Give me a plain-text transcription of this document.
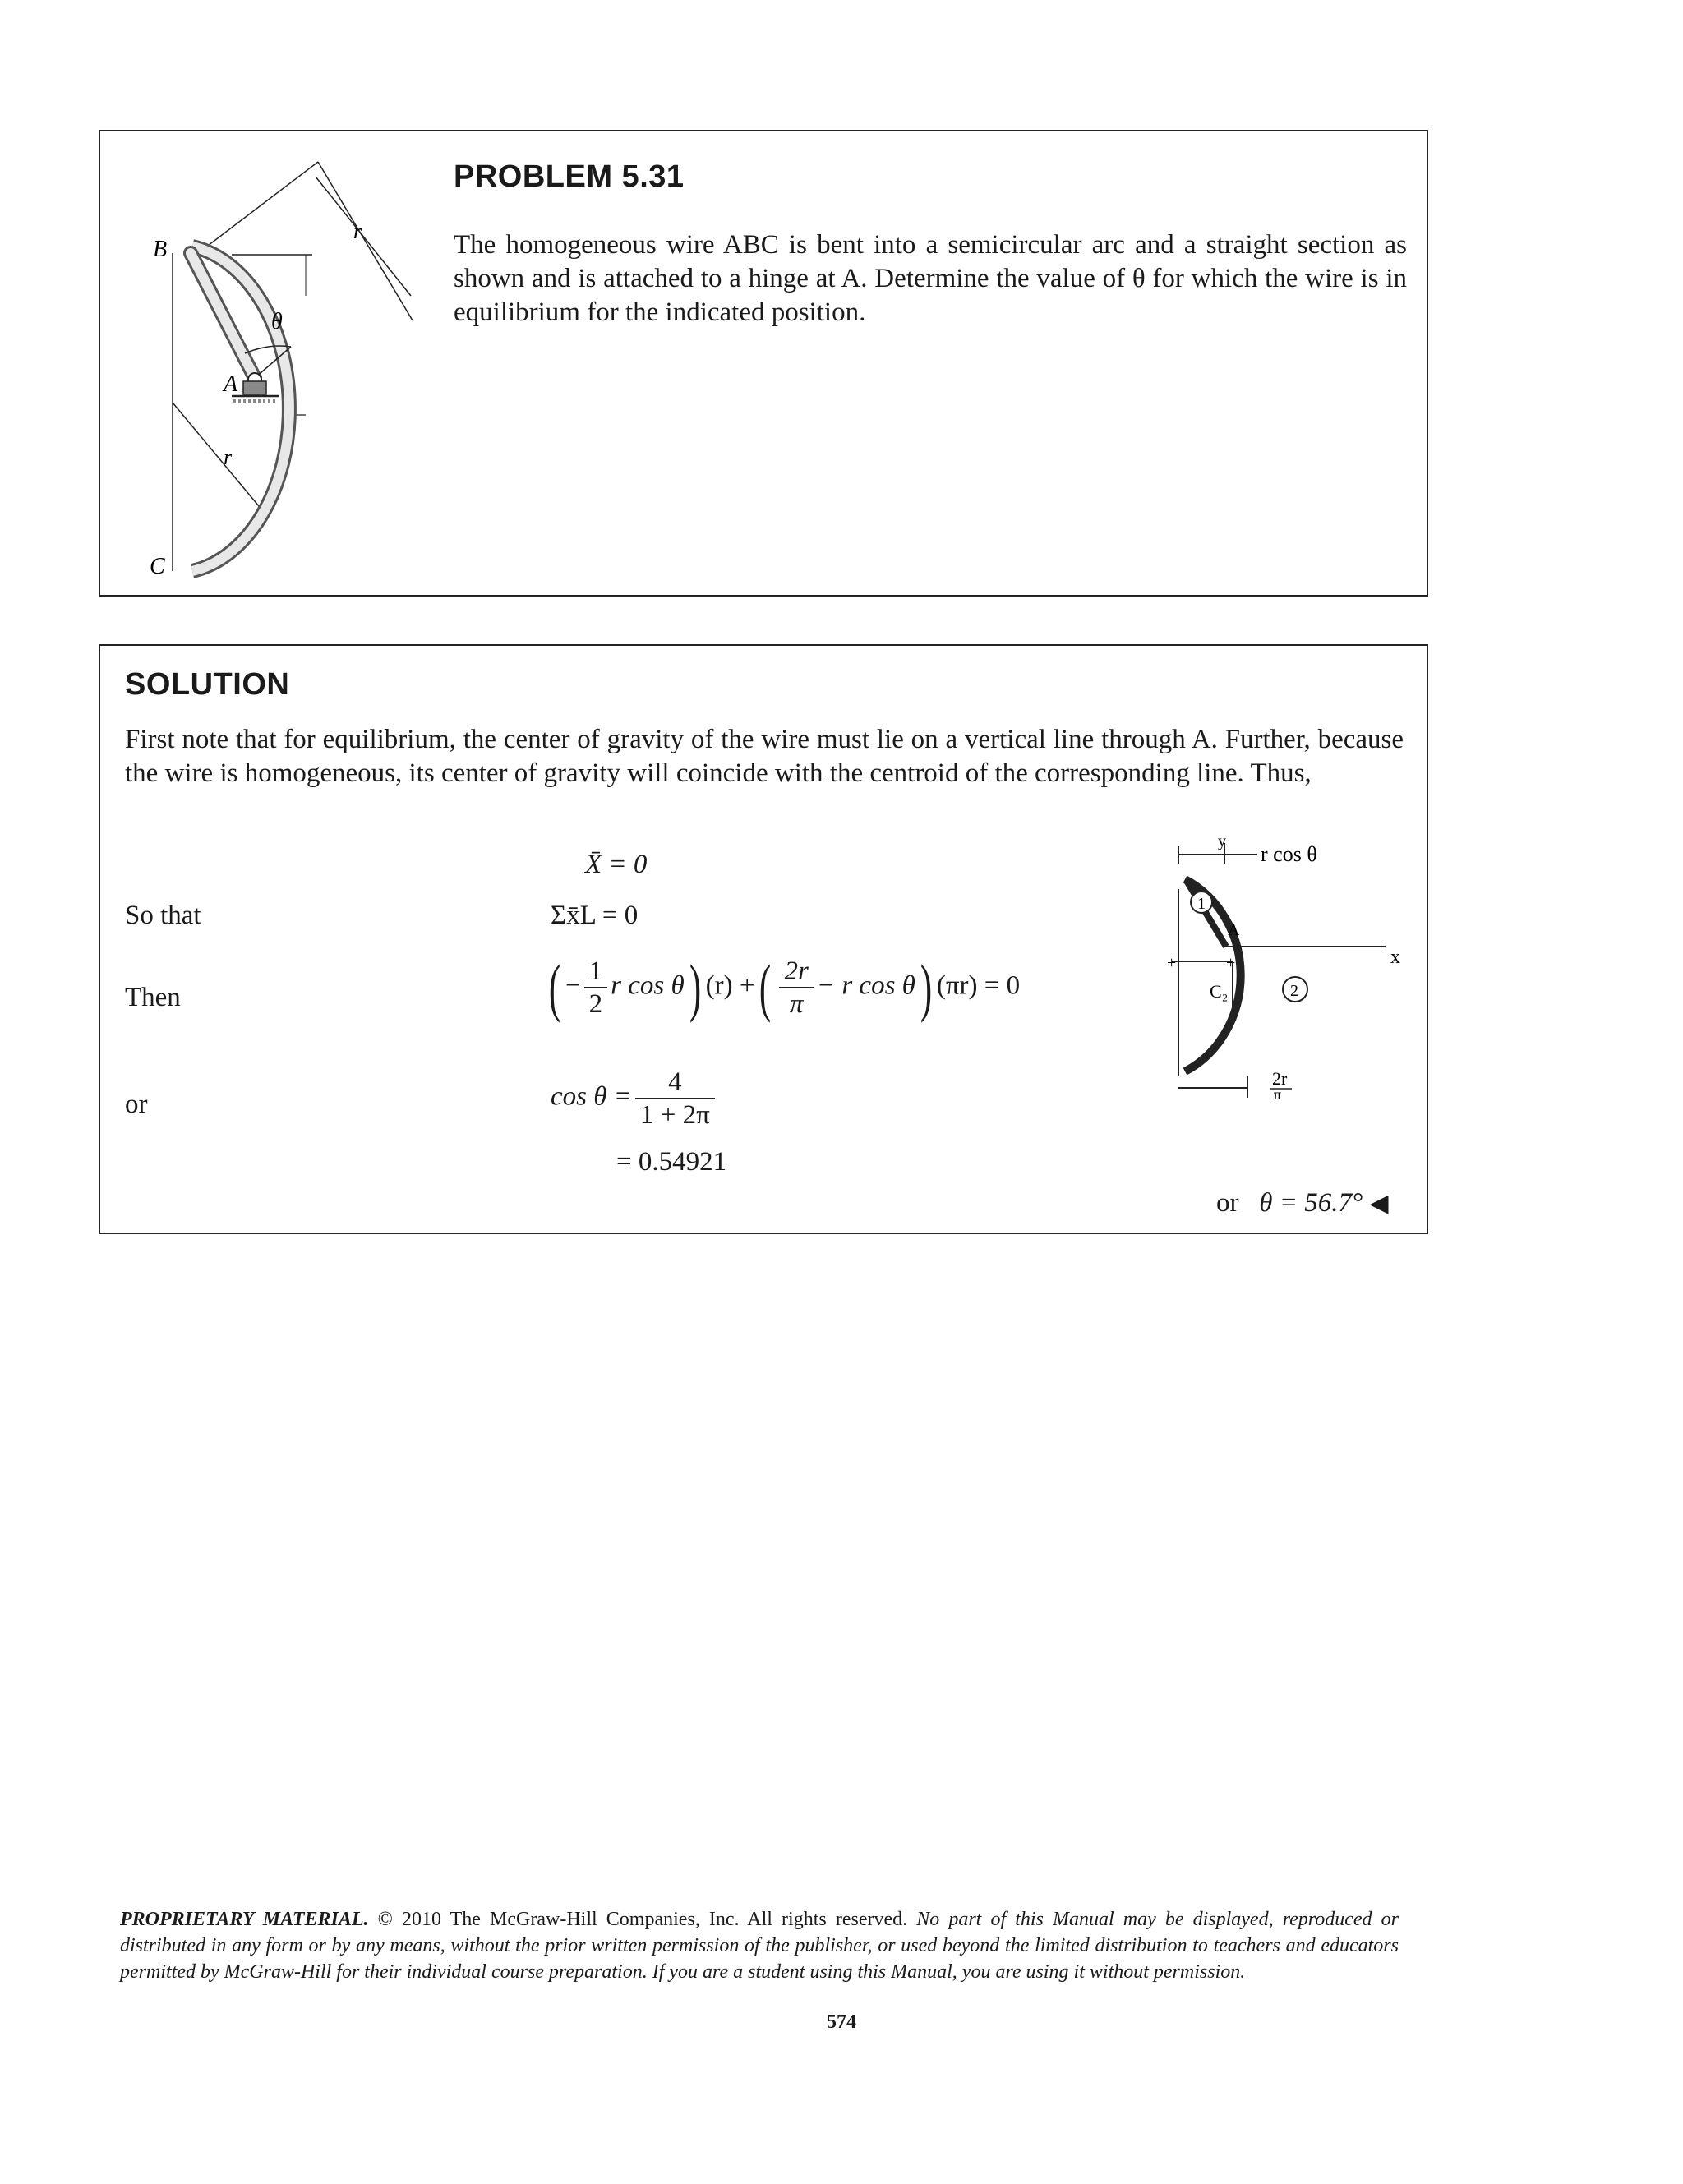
B
A
C
θ
r
r
PROBLEM 5.31
The homogeneous wire ABC is bent into a semicircular arc and a straight section as shown and is attached to a hinge at A. Determine the value of θ for which the wire is in equilibrium for the indicated position.
SOLUTION
First note that for equilibrium, the center of gravity of the wire must lie on a vertical line through A. Further, because the wire is homogeneous, its center of gravity will coincide with the centroid of the corresponding line. Thus,
X̄ = 0
So that	Σx̄L = 0
Then	( − $\frac{1}{2}$ r cos θ) (r) +( $\frac{2r}{\pi} - r$ cos θ) (πr) = 0
or	$\cos \theta = \frac{4}{1 + 2\pi}$
= 0.54921
or θ = 56.7° ◀
y
r cos θ
1
A
x
+	+
C₂	2
2r
π
PROPRIETARY MATERIAL. © 2010 The McGraw-Hill Companies, Inc. All rights reserved. No part of this Manual may be displayed, reproduced or distributed in any form or by any means, without the prior written permission of the publisher, or used beyond the limited distribution to teachers and educators permitted by McGraw-Hill for their individual course preparation. If you are a student using this Manual, you are using it without permission.
574
